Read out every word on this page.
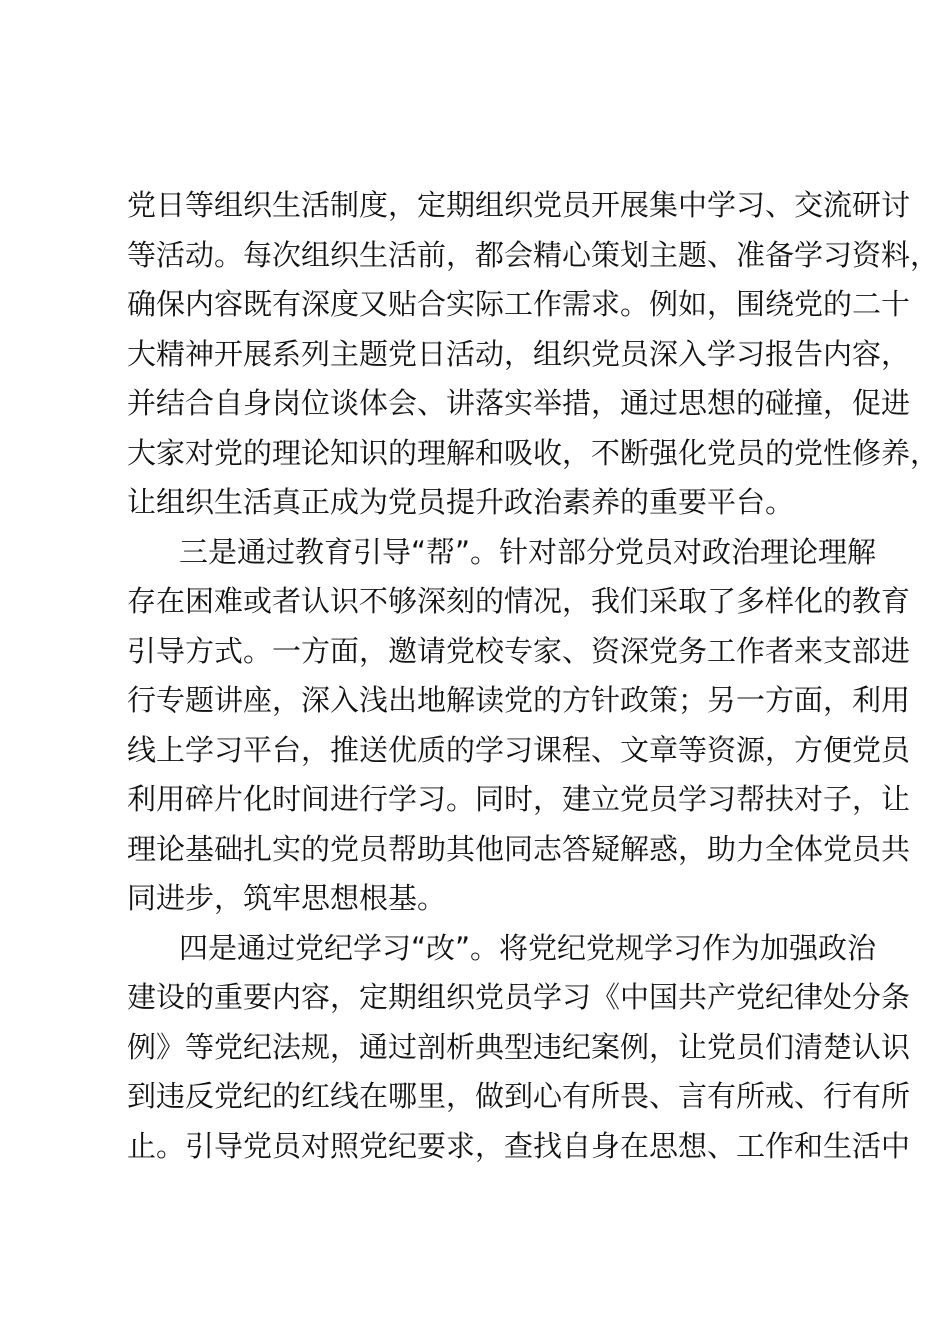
党日等组织生活制度，定期组织党员开展集中学习、交流研讨
等活动。每次组织生活前，都会精心策划主题、准备学习资料，
确保内容既有深度又贴合实际工作需求。例如，围绕党的二十
大精神开展系列主题党日活动，组织党员深入学习报告内容，
并结合自身岗位谈体会、讲落实举措，通过思想的碰撞，促进
大家对党的理论知识的理解和吸收，不断强化党员的党性修养，
让组织生活真正成为党员提升政治素养的重要平台。
三是通过教育引导“帮”。针对部分党员对政治理论理解
存在困难或者认识不够深刻的情况，我们采取了多样化的教育
引导方式。一方面，邀请党校专家、资深党务工作者来支部进
行专题讲座，深入浅出地解读党的方针政策；另一方面，利用
线上学习平台，推送优质的学习课程、文章等资源，方便党员
利用碎片化时间进行学习。同时，建立党员学习帮扶对子，让
理论基础扎实的党员帮助其他同志答疑解惑，助力全体党员共
同进步，筑牢思想根基。
四是通过党纪学习“改”。将党纪党规学习作为加强政治
建设的重要内容，定期组织党员学习《中国共产党纪律处分条
例》等党纪法规，通过剖析典型违纪案例，让党员们清楚认识
到违反党纪的红线在哪里，做到心有所畏、言有所戒、行有所
止。引导党员对照党纪要求，查找自身在思想、工作和生活中
